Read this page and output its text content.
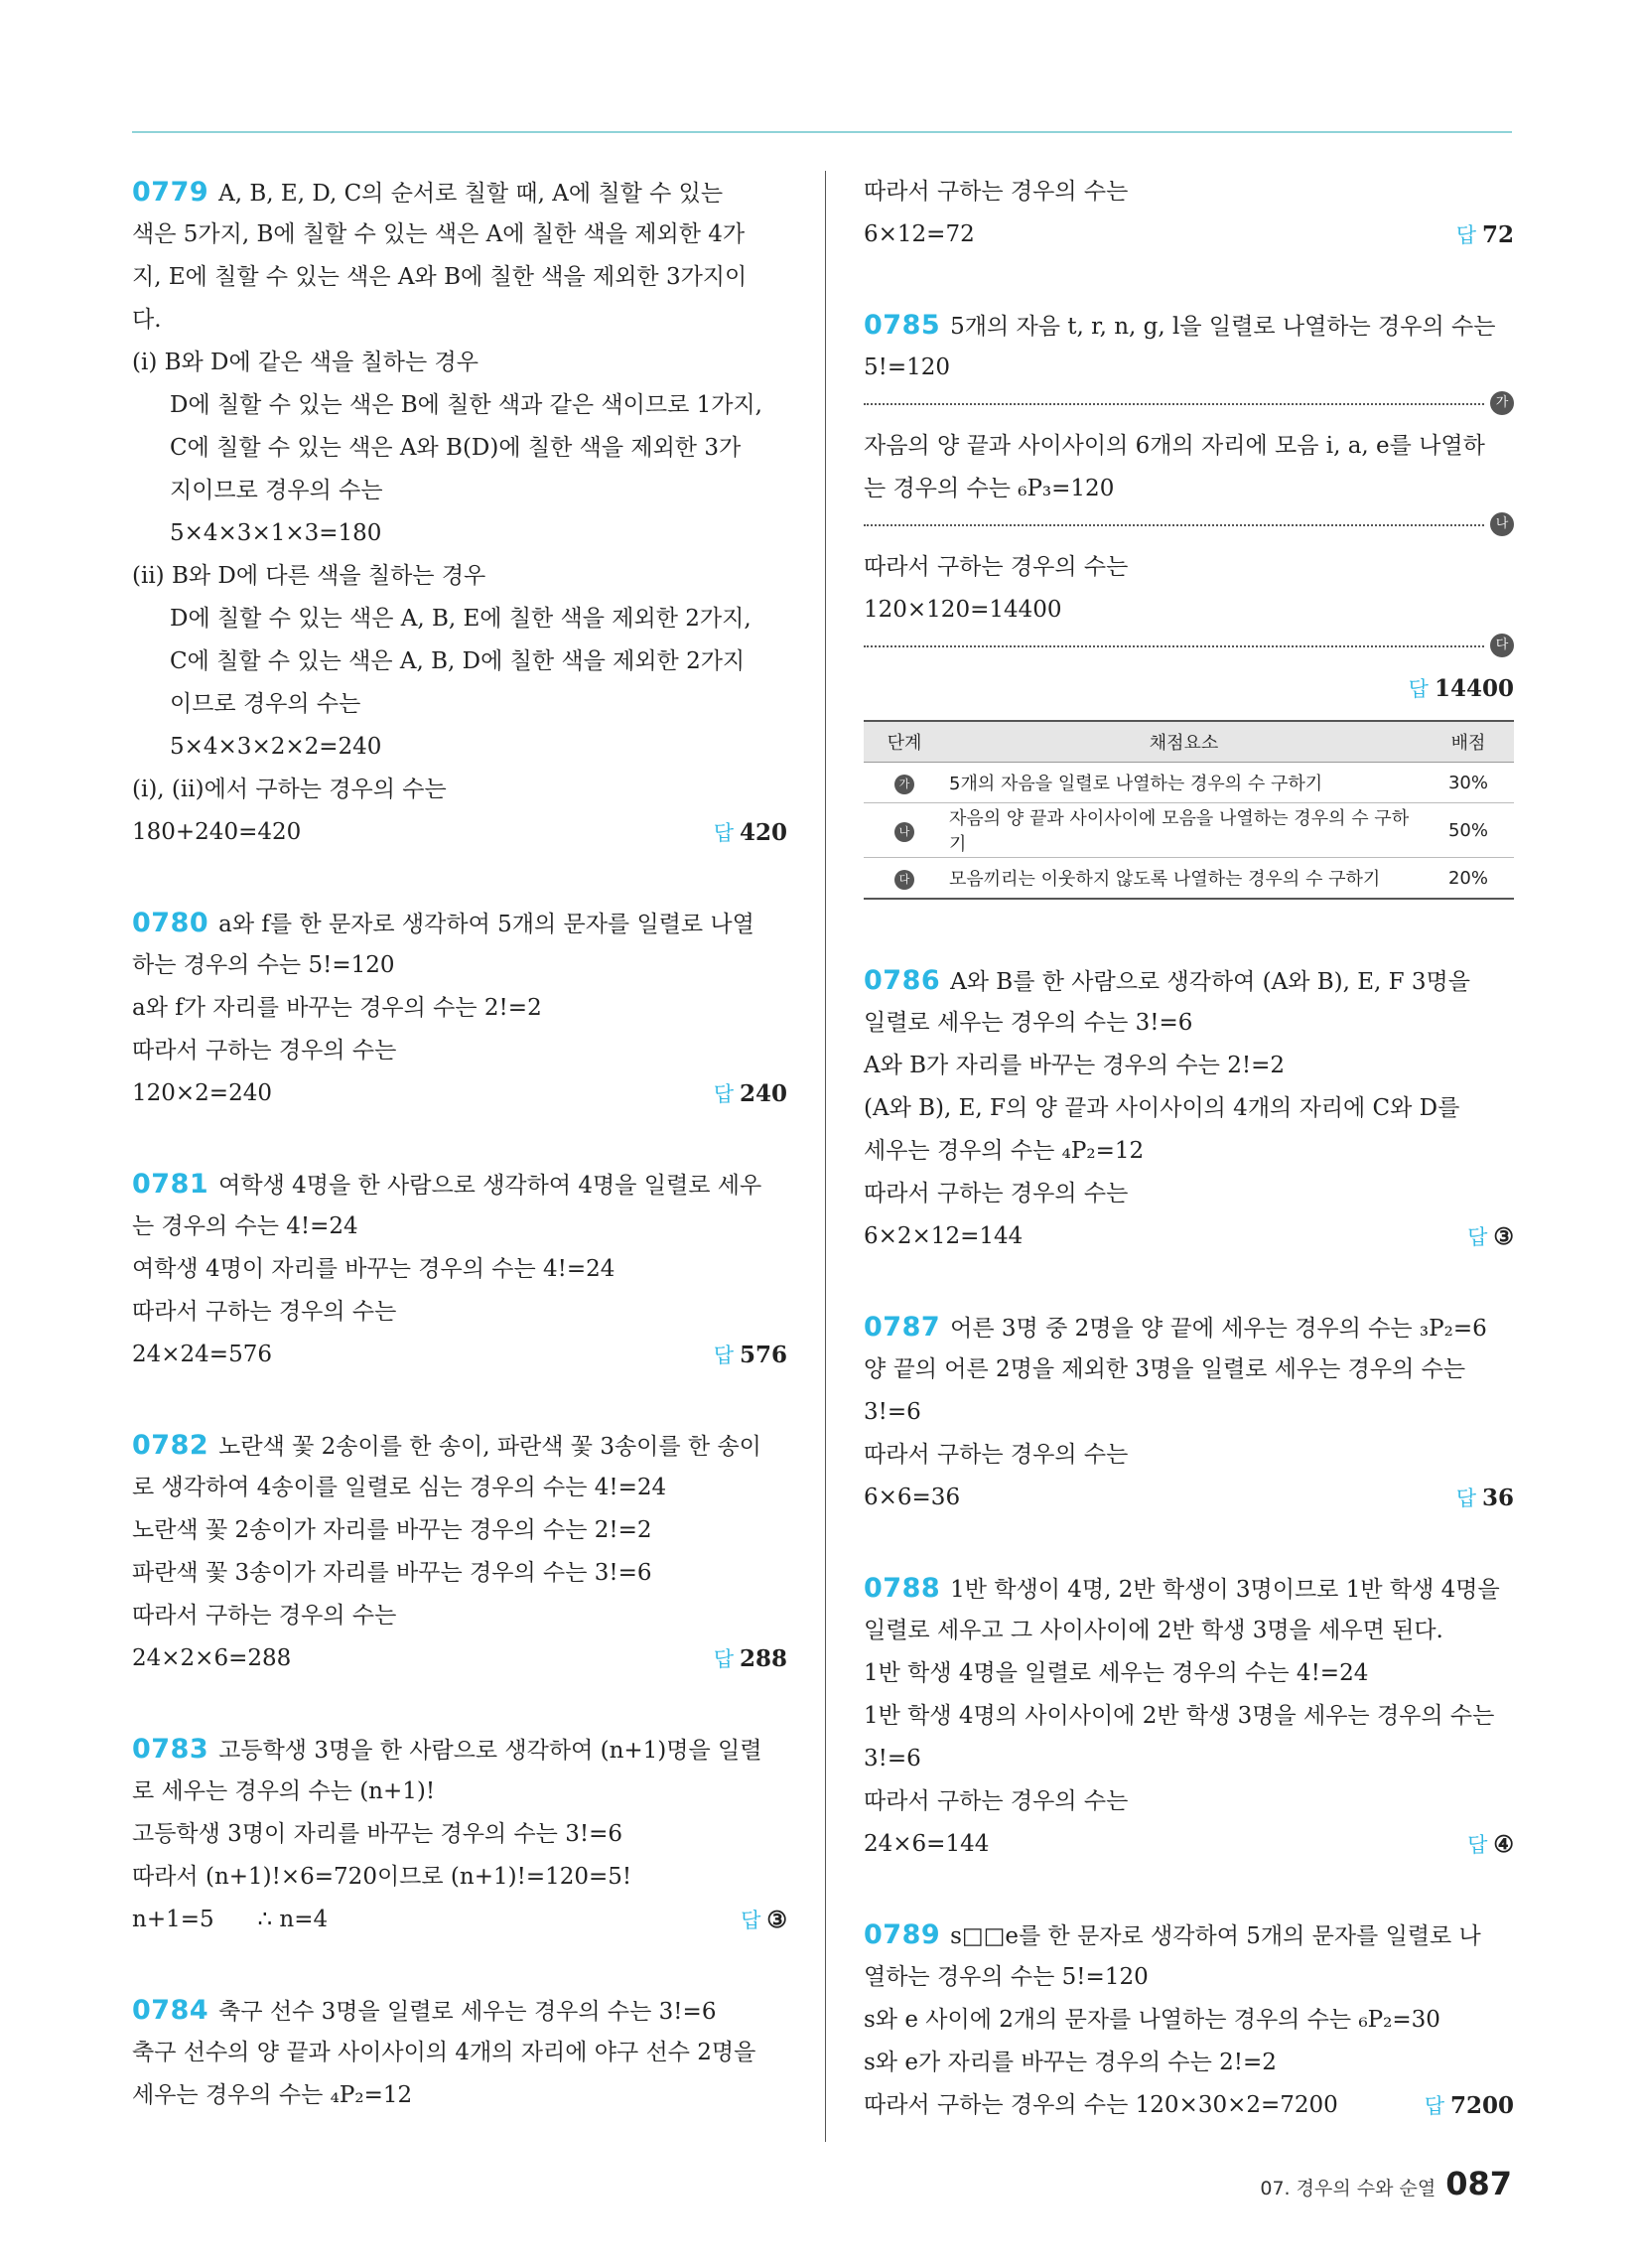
0779 A, B, E, D, C의 순서로 칠할 때, A에 칠할 수 있는
색은 5가지, B에 칠할 수 있는 색은 A에 칠한 색을 제외한 4가
지, E에 칠할 수 있는 색은 A와 B에 칠한 색을 제외한 3가지이
다.
(i) B와 D에 같은 색을 칠하는 경우
D에 칠할 수 있는 색은 B에 칠한 색과 같은 색이므로 1가지,
C에 칠할 수 있는 색은 A와 B(D)에 칠한 색을 제외한 3가
지이므로 경우의 수는
5×4×3×1×3=180
(ii) B와 D에 다른 색을 칠하는 경우
D에 칠할 수 있는 색은 A, B, E에 칠한 색을 제외한 2가지,
C에 칠할 수 있는 색은 A, B, D에 칠한 색을 제외한 2가지
이므로 경우의 수는
5×4×3×2×2=240
(i), (ii)에서 구하는 경우의 수는
180+240=420	답 420
0780 a와 f를 한 문자로 생각하여 5개의 문자를 일렬로 나열
하는 경우의 수는 5!=120
a와 f가 자리를 바꾸는 경우의 수는 2!=2
따라서 구하는 경우의 수는
120×2=240	답 240
0781 여학생 4명을 한 사람으로 생각하여 4명을 일렬로 세우
는 경우의 수는 4!=24
여학생 4명이 자리를 바꾸는 경우의 수는 4!=24
따라서 구하는 경우의 수는
24×24=576	답 576
0782 노란색 꽃 2송이를 한 송이, 파란색 꽃 3송이를 한 송이
로 생각하여 4송이를 일렬로 심는 경우의 수는 4!=24
노란색 꽃 2송이가 자리를 바꾸는 경우의 수는 2!=2
파란색 꽃 3송이가 자리를 바꾸는 경우의 수는 3!=6
따라서 구하는 경우의 수는
24×2×6=288	답 288
0783 고등학생 3명을 한 사람으로 생각하여 (n+1)명을 일렬
로 세우는 경우의 수는 (n+1)!
고등학생 3명이 자리를 바꾸는 경우의 수는 3!=6
따라서 (n+1)!×6=720이므로 (n+1)!=120=5!
n+1=5      ∴ n=4	답 ③
0784 축구 선수 3명을 일렬로 세우는 경우의 수는 3!=6
축구 선수의 양 끝과 사이사이의 4개의 자리에 야구 선수 2명을
세우는 경우의 수는 ₄P₂=12
따라서 구하는 경우의 수는
6×12=72	답 72
0785 5개의 자음 t, r, n, g, l을 일렬로 나열하는 경우의 수는
5!=120
가
자음의 양 끝과 사이사이의 6개의 자리에 모음 i, a, e를 나열하
는 경우의 수는 ₆P₃=120
나
따라서 구하는 경우의 수는
120×120=14400
다
답 14400
단계	채점요소	배점
가	5개의 자음을 일렬로 나열하는 경우의 수 구하기	30%
나	자음의 양 끝과 사이사이에 모음을 나열하는 경우의 수 구하기	50%
다	모음끼리는 이웃하지 않도록 나열하는 경우의 수 구하기	20%
0786 A와 B를 한 사람으로 생각하여 (A와 B), E, F 3명을
일렬로 세우는 경우의 수는 3!=6
A와 B가 자리를 바꾸는 경우의 수는 2!=2
(A와 B), E, F의 양 끝과 사이사이의 4개의 자리에 C와 D를
세우는 경우의 수는 ₄P₂=12
따라서 구하는 경우의 수는
6×2×12=144	답 ③
0787 어른 3명 중 2명을 양 끝에 세우는 경우의 수는 ₃P₂=6
양 끝의 어른 2명을 제외한 3명을 일렬로 세우는 경우의 수는
3!=6
따라서 구하는 경우의 수는
6×6=36	답 36
0788 1반 학생이 4명, 2반 학생이 3명이므로 1반 학생 4명을
일렬로 세우고 그 사이사이에 2반 학생 3명을 세우면 된다.
1반 학생 4명을 일렬로 세우는 경우의 수는 4!=24
1반 학생 4명의 사이사이에 2반 학생 3명을 세우는 경우의 수는
3!=6
따라서 구하는 경우의 수는
24×6=144	답 ④
0789 s□□e를 한 문자로 생각하여 5개의 문자를 일렬로 나
열하는 경우의 수는 5!=120
s와 e 사이에 2개의 문자를 나열하는 경우의 수는 ₆P₂=30
s와 e가 자리를 바꾸는 경우의 수는 2!=2
따라서 구하는 경우의 수는 120×30×2=7200	답 7200
07. 경우의 수와 순열 087
